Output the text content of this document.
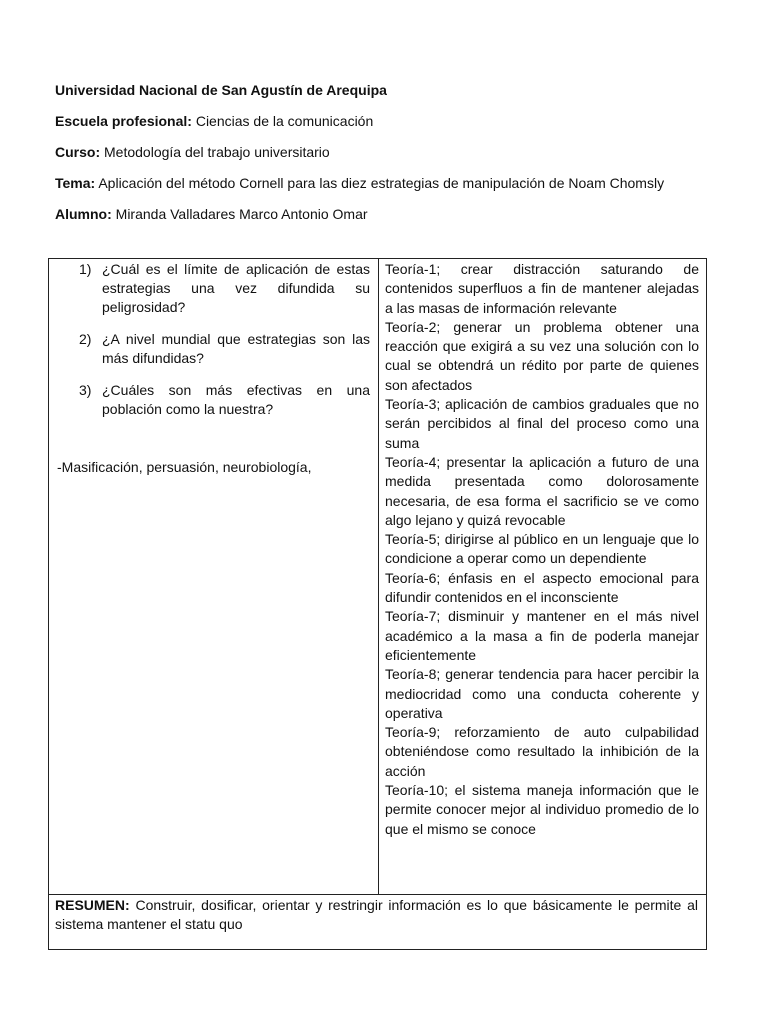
Universidad Nacional de San Agustín de Arequipa
Escuela profesional: Ciencias de la comunicación
Curso: Metodología del trabajo universitario
Tema: Aplicación del método Cornell para las diez estrategias de manipulación de Noam Chomsly
Alumno: Miranda Valladares Marco Antonio Omar
1) ¿Cuál es el límite de aplicación de estas estrategias una vez difundida su peligrosidad?
2) ¿A nivel mundial que estrategias son las más difundidas?
3) ¿Cuáles son más efectivas en una población como la nuestra?
-Masificación, persuasión, neurobiología,

Teoría-1; crear distracción saturando de contenidos superfluos a fin de mantener alejadas a las masas de información relevante

Teoría-2; generar un problema obtener una reacción que exigirá a su vez una solución con lo cual se obtendrá un rédito por parte de quienes son afectados

Teoría-3; aplicación de cambios graduales que no serán percibidos al final del proceso como una suma

Teoría-4; presentar la aplicación a futuro de una medida presentada como dolorosamente necesaria, de esa forma el sacrificio se ve como algo lejano y quizá revocable

Teoría-5; dirigirse al público en un lenguaje que lo condicione a operar como un dependiente

Teoría-6; énfasis en el aspecto emocional para difundir contenidos en el inconsciente

Teoría-7; disminuir y mantener en el más nivel académico a la masa a fin de poderla manejar eficientemente

Teoría-8; generar tendencia para hacer percibir la mediocridad como una conducta coherente y operativa

Teoría-9; reforzamiento de auto culpabilidad obteniéndose como resultado la inhibición de la acción

Teoría-10; el sistema maneja información que le permite conocer mejor al individuo promedio de lo que el mismo se conoce

RESUMEN: Construir, dosificar, orientar y restringir información es lo que básicamente le permite al sistema mantener el statu quo
